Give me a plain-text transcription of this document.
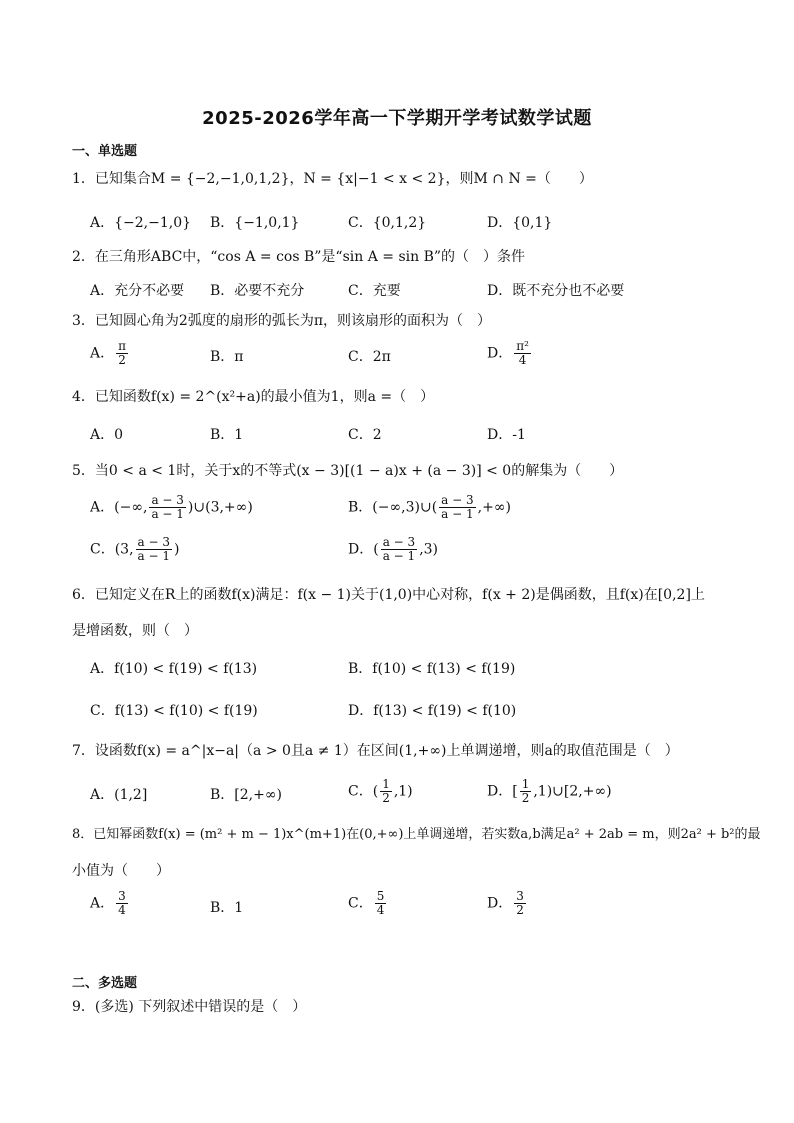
2025-2026学年高一下学期开学考试数学试题
一、单选题
1．已知集合M = {−2,−1,0,1,2}，N = {x|−1 < x < 2}，则M ∩ N =（　　）
A．{−2,−1,0} B．{−1,0,1}	C．{0,1,2}	D．{0,1}
2．在三角形ABC中，“cos A = cos B”是“sin A = sin B”的（　）条件
A．充分不必要 B．必要不充分	C．充要	D．既不充分也不必要
3．已知圆心角为2弧度的扇形的弧长为π，则该扇形的面积为（　）
A． $\frac{\pi}{2}$	B．π	C．2π	D． $\frac{\text{π²}}{4}$
4．已知函数f(x) = 2^(x²+a)的最小值为1，则a =（　）
A．0	B．1	C．2	D．-1
5．当0 < a < 1时，关于x的不等式(x − 3)[(1 − a)x + (a − 3)] < 0的解集为（　　）
A．(−∞, $\frac{a - 3}{a - 1}$ )∪(3,+∞)	B．(−∞,3)∪( $\frac{a - 3}{a - 1}$ ,+∞)
C．(3, $\frac{a - 3}{a - 1}$ )	D．( $\frac{a - 3}{a - 1} ,3$)
6．已知定义在R上的函数f(x)满足：f(x − 1)关于(1,0)中心对称，f(x + 2)是偶函数，且f(x)在[0,2]上
是增函数，则（　）
A．f(10) < f(19) < f(13)	B．f(10) < f(13) < f(19)
C．f(13) < f(10) < f(19)	D．f(13) < f(19) < f(10)
7．设函数f(x) = a^|x−a|（a > 0且a ≠ 1）在区间(1,+∞)上单调递增，则a的取值范围是（　）
A．(1,2]	B．[2,+∞)	C．( $\frac{1}{2} ,1$)	D．[ $\frac{1}{2}$ ,1)∪[2,+∞)
8．已知幂函数f(x) = (m² + m − 1)x^(m+1)在(0,+∞)上单调递增，若实数a,b满足a² + 2ab = m，则2a² + b²的最
小值为（　　）
A． $\frac{3}{4}$	B．1	C． $\frac{5}{4}$	D． $\frac{3}{2}$
二、多选题
9．(多选) 下列叙述中错误的是（　）
